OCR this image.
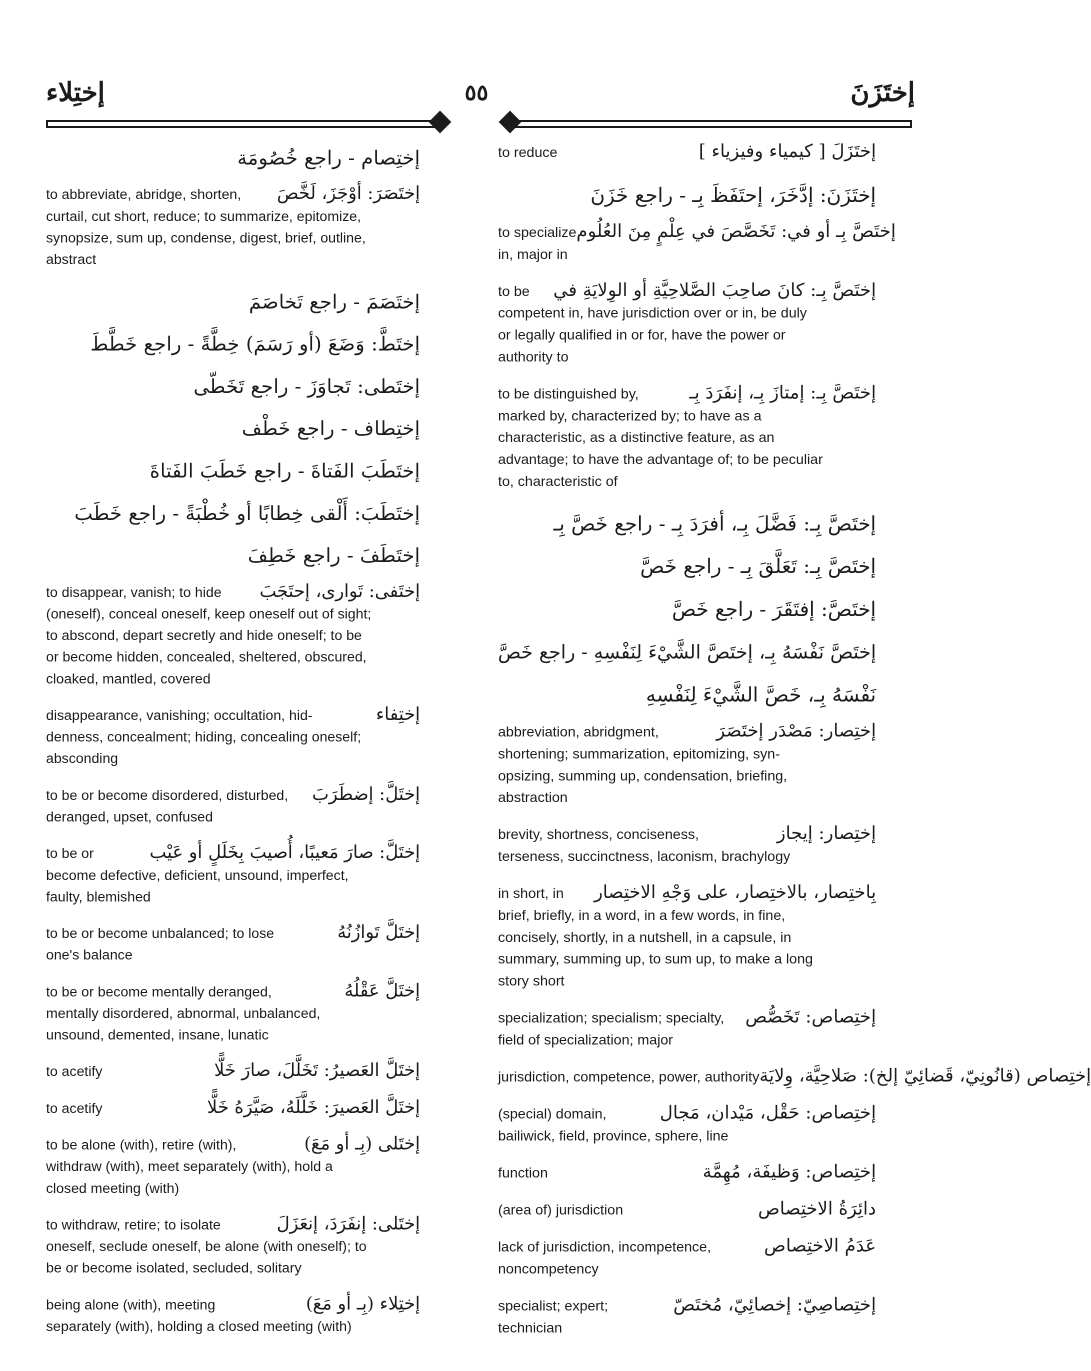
إختِلاء	٥٥	إختَزَنَ
إختِصام - راجع خُصُومَة
to abbreviate, abridge, shorten, إختَصَرَ: أوْجَزَ، لَخَّصَ
curtail, cut short, reduce; to summarize, epitomize,
synopsize, sum up, condense, digest, brief, outline,
abstract
إختَصَمَ - راجع تَخاصَمَ
إختَطَّ: وَضَعَ (أو رَسَمَ) خِطَّةً - راجع خَطَّطَ
إختَطى: تَجاوَزَ - راجع تَخَطّى
إختِطاف - راجع خَطْف
إختَطَبَ الفَتاةَ - راجع خَطَبَ الفَتاةَ
إختَطَبَ: أَلْقى خِطابًا أو خُطْبَةً - راجع خَطَبَ
إختَطَفَ - راجع خَطِفَ
to disappear, vanish; to hide إختَفى: تَوارى، إحتَجَبَ
(oneself), conceal oneself, keep oneself out of sight;
to abscond, depart secretly and hide oneself; to be
or become hidden, concealed, sheltered, obscured,
cloaked, mantled, covered
disappearance, vanishing; occultation, hid-	إختِفاء
denness, concealment; hiding, concealing oneself;
absconding
to be or become disordered, disturbed, إختَلَّ: إضطَرَبَ
deranged, upset, confused
to be or	إختَلَّ: صارَ مَعيبًا، أُصيبَ بِخَلَلٍ أو عَيْب
become defective, deficient, unsound, imperfect,
faulty, blemished
to be or become unbalanced; to lose	إختَلَّ تَوازُنُهُ
one's balance
to be or become mentally deranged,	إختَلَّ عَقْلُهُ
mentally disordered, abnormal, unbalanced,
unsound, demented, insane, lunatic
to acetify	إختَلَّ العَصيرُ: تَخَلَّلَ، صارَ خَلًّا
to acetify	إختَلَّ العَصيرَ: خَلَّلَهُ، صَيَّرَهُ خَلًّا
to be alone (with), retire (with),	إختَلى (بِـ أو مَعَ)
withdraw (with), meet separately (with), hold a
closed meeting (with)
to withdraw, retire; to isolate	إختَلى: إنفَرَدَ، إنعَزَلَ
oneself, seclude oneself, be alone (with oneself); to
be or become isolated, secluded, solitary
being alone (with), meeting	إختِلاء (بِـ أو مَعَ)
separately (with), holding a closed meeting (with)
to reduce	إختَزَلَ [ كيمياء وفيزياء ]
إختَزَنَ: إدَّخَرَ، إحتَفَظَ بِـ - راجع خَزَنَ
to specialize إختَصَّ بِـ أو في: تَخَصَّصَ في عِلْمٍ مِنَ العُلُوم
in, major in
to be إختَصَّ بِـ: كانَ صاحِبَ الصَّلاحِيَّةِ أو الوِلايَةِ في
competent in, have jurisdiction over or in, be duly
or legally qualified in or for, have the power or
authority to
to be distinguished by,	إختَصَّ بِـ: إمتازَ بِـ، إنفَرَدَ بِـ
marked by, characterized by; to have as a
characteristic, as a distinctive feature, as an
advantage; to have the advantage of; to be peculiar
to, characteristic of
إختَصَّ بِـ: فَضَّلَ بِـ، أفرَدَ بِـ - راجع خَصَّ بِـ
إختَصَّ بِـ: تَعَلَّقَ بِـ - راجع خَصَّ
إختَصَّ: إفتَقَرَ - راجع خَصَّ
إختَصَّ نَفْسَهُ بِـ، إختَصَّ الشَّيْءَ لِنَفْسِهِ - راجع خَصَّ
نَفْسَهُ بِـ، خَصَّ الشَّيْءَ لِنَفْسِهِ
abbreviation, abridgment,	إختِصار: مَصْدَر إختَصَرَ
shortening; summarization, epitomizing, syn-
opsizing, summing up, condensation, briefing,
abstraction
brevity, shortness, conciseness,	إختِصار: إيجاز
terseness, succinctness, laconism, brachylogy
in short, in بِاختِصار، بالاختِصار، على وَجْهِ الاختِصار
brief, briefly, in a word, in a few words, in fine,
concisely, shortly, in a nutshell, in a capsule, in
summary, summing up, to sum up, to make a long
story short
specialization; specialism; specialty, إختِصاص: تَخَصُّص
field of specialization; major
jurisdiction, competence, power, authority إختِصاص (قانُونِيّ، قَضائِيّ إلخ): صَلاحِيَّة، وِلايَة
(special) domain,	إختِصاص: حَقْل، مَيْدان، مَجال
bailiwick, field, province, sphere, line
function	إختِصاص: وَظيفَة، مُهِمَّة
(area of) jurisdiction	دائِرَةُ الاختِصاص
lack of jurisdiction, incompetence,	عَدَمُ الاختِصاص
noncompetency
specialist; expert;	إختِصاصِيّ: إخصائِيّ، مُختَصّ
technician
